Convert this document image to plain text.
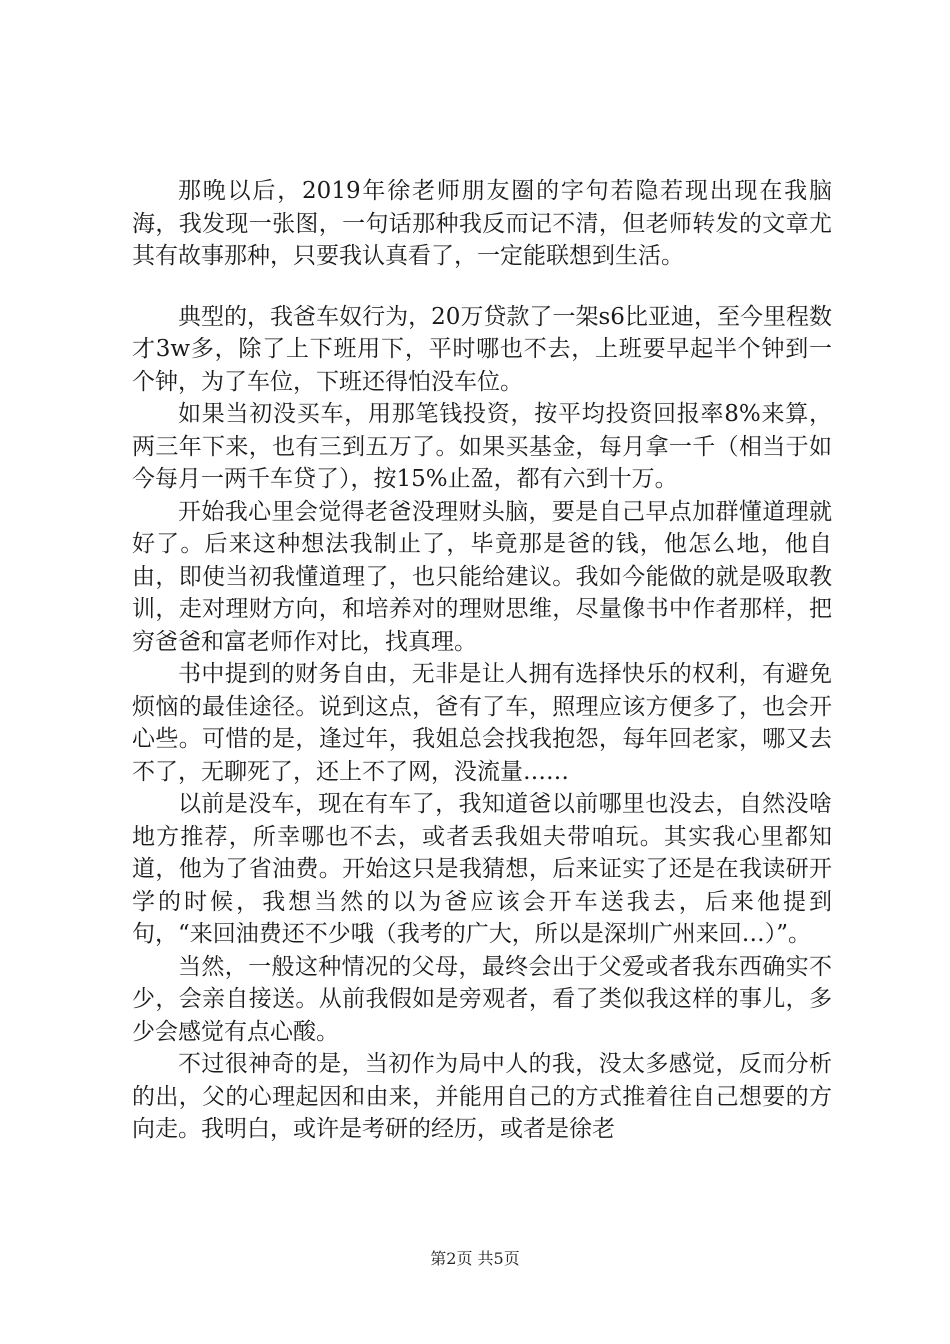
那晚以后，2019年徐老师朋友圈的字句若隐若现出现在我脑海，我发现一张图，一句话那种我反而记不清，但老师转发的文章尤其有故事那种，只要我认真看了，一定能联想到生活。

典型的，我爸车奴行为，20万贷款了一架s6比亚迪，至今里程数才3w多，除了上下班用下，平时哪也不去，上班要早起半个钟到一个钟，为了车位，下班还得怕没车位。

如果当初没买车，用那笔钱投资，按平均投资回报率8%来算，两三年下来，也有三到五万了。如果买基金，每月拿一千（相当于如今每月一两千车贷了），按15%止盈，都有六到十万。

开始我心里会觉得老爸没理财头脑，要是自己早点加群懂道理就好了。后来这种想法我制止了，毕竟那是爸的钱，他怎么地，他自由，即使当初我懂道理了，也只能给建议。我如今能做的就是吸取教训，走对理财方向，和培养对的理财思维，尽量像书中作者那样，把穷爸爸和富老师作对比，找真理。

书中提到的财务自由，无非是让人拥有选择快乐的权利，有避免烦恼的最佳途径。说到这点，爸有了车，照理应该方便多了，也会开心些。可惜的是，逢过年，我姐总会找我抱怨，每年回老家，哪又去不了，无聊死了，还上不了网，没流量……

以前是没车，现在有车了，我知道爸以前哪里也没去，自然没啥地方推荐，所幸哪也不去，或者丢我姐夫带咱玩。其实我心里都知道，他为了省油费。开始这只是我猜想，后来证实了还是在我读研开学的时候，我想当然的以为爸应该会开车送我去，后来他提到句，“来回油费还不少哦（我考的广大，所以是深圳广州来回…）”。

当然，一般这种情况的父母，最终会出于父爱或者我东西确实不少，会亲自接送。从前我假如是旁观者，看了类似我这样的事儿，多少会感觉有点心酸。

不过很神奇的是，当初作为局中人的我，没太多感觉，反而分析的出，父的心理起因和由来，并能用自己的方式推着往自己想要的方向走。我明白，或许是考研的经历，或者是徐老

第2页 共5页
